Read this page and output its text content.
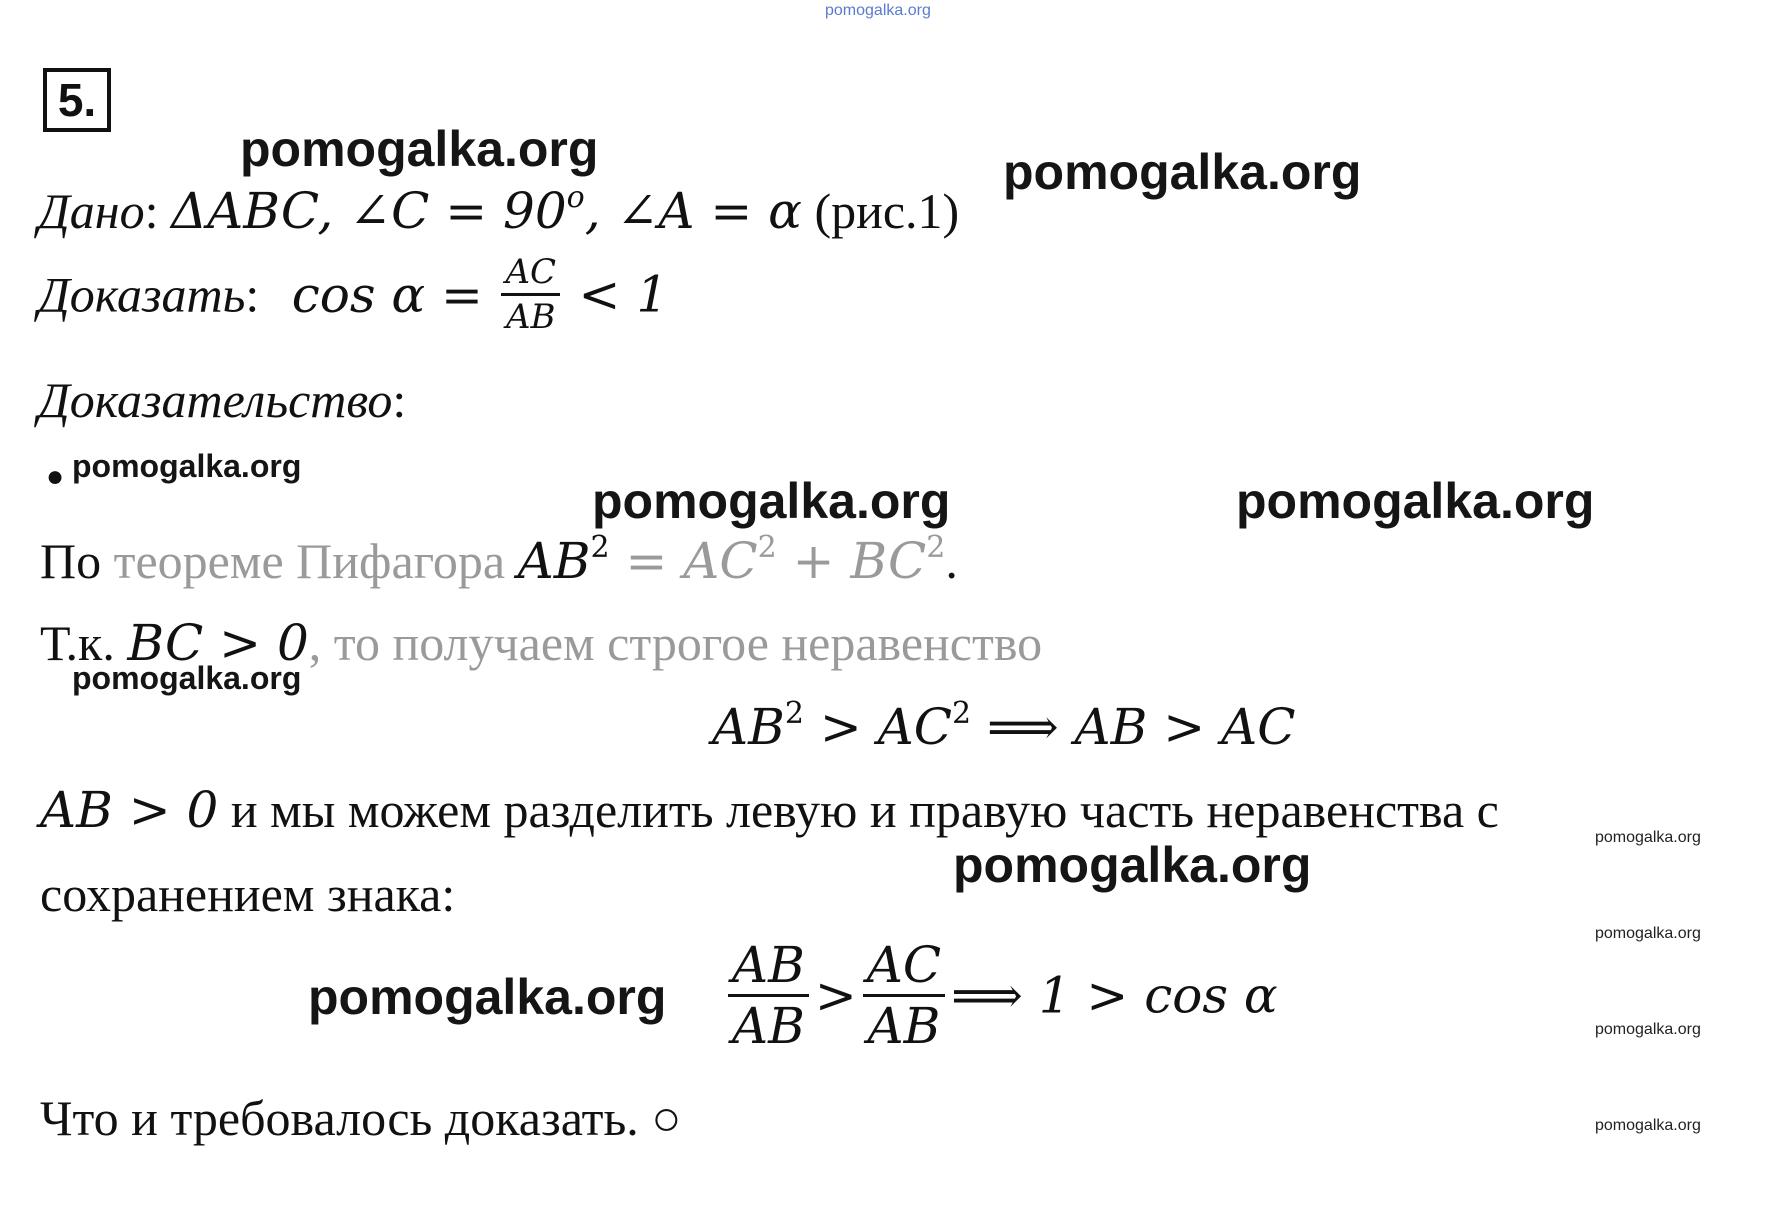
pomogalka.org
5.
pomogalka.org	pomogalka.org
pomogalka.org
pomogalka.org	pomogalka.org
pomogalka.org
pomogalka.org
pomogalka.org
pomogalka.org
pomogalka.org
pomogalka.org
pomogalka.org
Дано: ΔABC, ∠C = $90^o$, ∠A = α (рис.1)
Доказать: $\cos \alpha = \frac{AC}{AB} < 1$
Доказательство:
●
По теореме Пифагора $AB^2 = AC^2 + BC^2$.
Т.к. BC > 0, то получаем строгое неравенство
$AB^2 > AC^2$ ⟹ AB > AC
AB > 0 и мы можем разделить левую и правую часть неравенства с
сохранением знака:
$\frac{AB}{AB} > \frac{AC}{AB}$ ⟹ 1 > cos α
Что и требовалось доказать. ○
